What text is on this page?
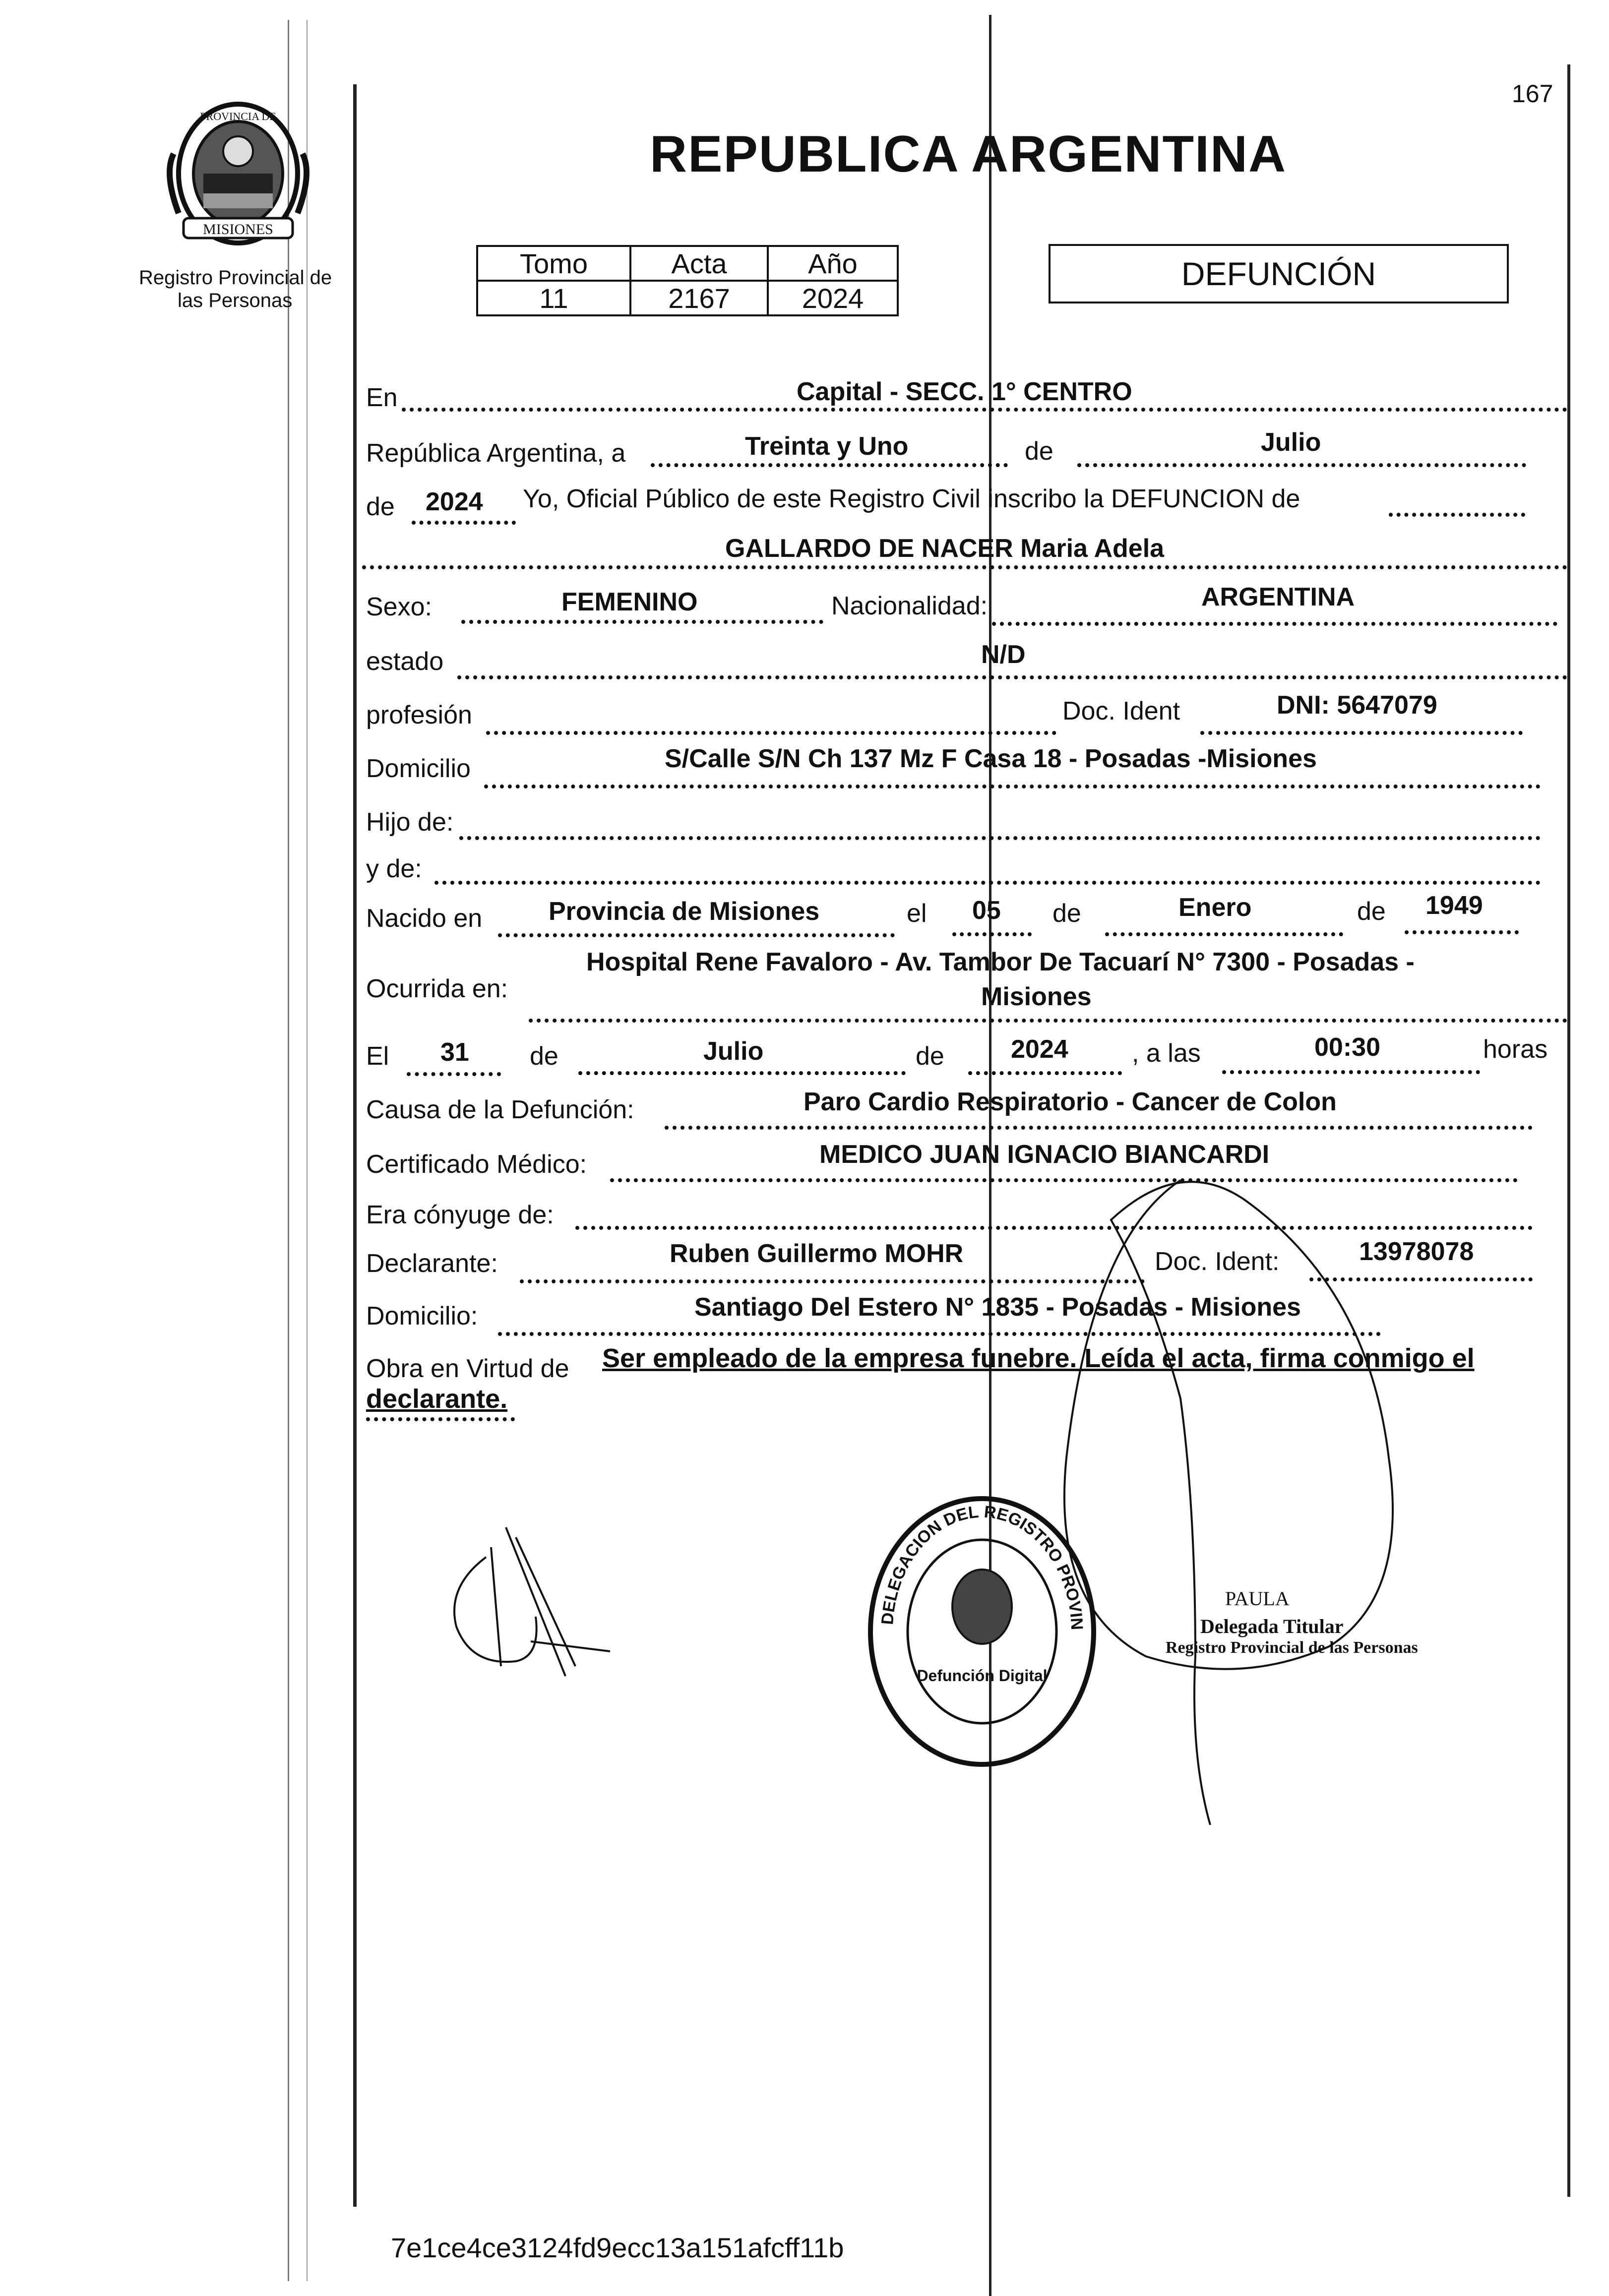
167
MISIONES
PROVINCIA DE
Registro Provincial de
las Personas
REPUBLICA ARGENTINA
Tomo	Acta	Año
11	2167	2024
DEFUNCIÓN
En	Capital - SECC. 1° CENTRO
República Argentina, a	Treinta y Uno	de	Julio
de 2024 Yo, Oficial Público de este Registro Civil inscribo la DEFUNCION de
GALLARDO DE NACER Maria Adela
Sexo:	FEMENINO	Nacionalidad:	ARGENTINA
estado	N/D
profesión	Doc. Ident	DNI: 5647079
Domicilio	S/Calle S/N Ch 137 Mz F Casa 18 - Posadas -Misiones
Hijo de:
y de:
Nacido en	Provincia de Misiones	el 05 de	Enero	de 1949
Ocurrida en:
Hospital Rene Favaloro - Av. Tambor De Tacuarí N° 7300 - Posadas -
Misiones
El 31 de	Julio	de	2024 , a las	00:30	horas
Causa de la Defunción:	Paro Cardio Respiratorio - Cancer de Colon
Certificado Médico:	MEDICO JUAN IGNACIO BIANCARDI
Era cónyuge de:
Declarante:	Ruben Guillermo MOHR	Doc. Ident:	13978078
Domicilio:	Santiago Del Estero N° 1835 - Posadas - Misiones
Obra en Virtud de Ser empleado de la empresa funebre. Leída el acta, firma conmigo el
declarante.
DELEGACION DEL REGISTRO PROVIN
Defunción Digital
PAULA
Delegada Titular
Registro Provincial de las Personas
7e1ce4ce3124fd9ecc13a151afcff11b
